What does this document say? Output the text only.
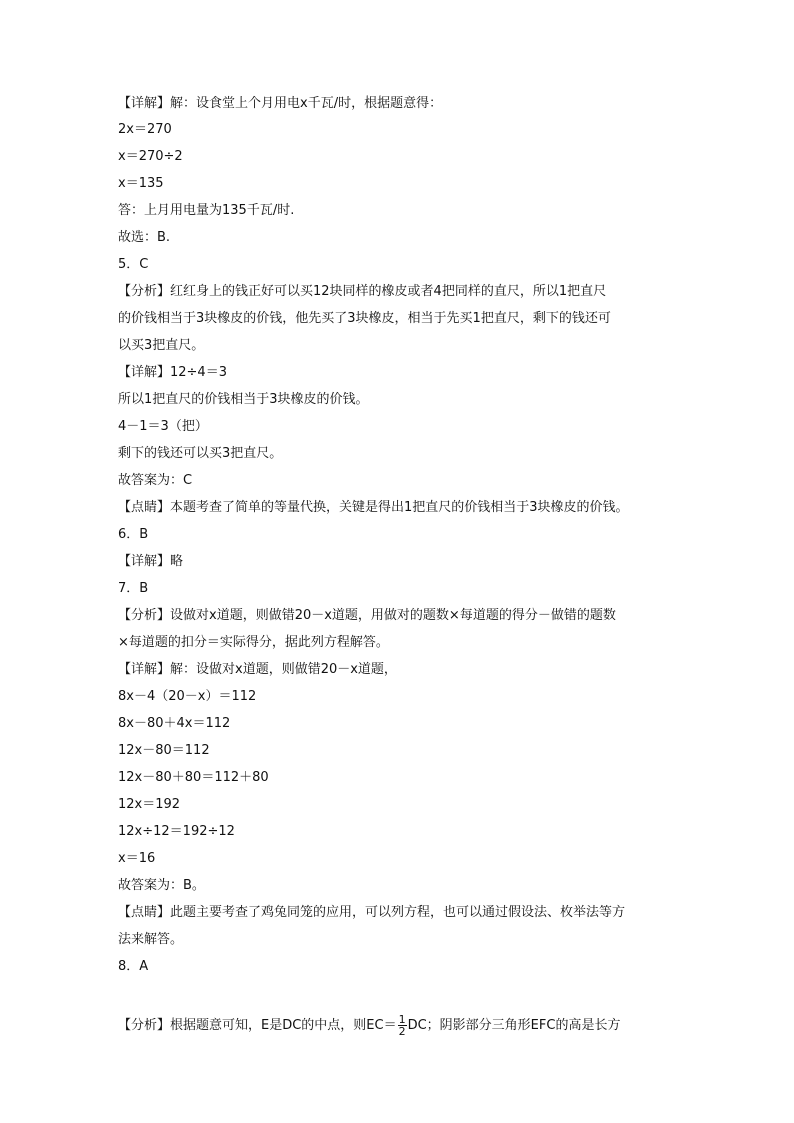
【详解】解：设食堂上个月用电x千瓦/时，根据题意得：
2x＝270
x＝270÷2
x＝135
答：上月用电量为135千瓦/时.
故选：B.
5．C
【分析】红红身上的钱正好可以买12块同样的橡皮或者4把同样的直尺，所以1把直尺
的价钱相当于3块橡皮的价钱，他先买了3块橡皮，相当于先买1把直尺，剩下的钱还可
以买3把直尺。
【详解】12÷4＝3
所以1把直尺的价钱相当于3块橡皮的价钱。
4－1＝3（把）
剩下的钱还可以买3把直尺。
故答案为：C
【点睛】本题考查了简单的等量代换，关键是得出1把直尺的价钱相当于3块橡皮的价钱。
6．B
【详解】略
7．B
【分析】设做对x道题，则做错20－x道题，用做对的题数×每道题的得分－做错的题数
×每道题的扣分＝实际得分，据此列方程解答。
【详解】解：设做对x道题，则做错20－x道题，
8x－4（20－x）＝112
8x－80＋4x＝112
12x－80＝112
12x－80＋80＝112＋80
12x＝192
12x÷12＝192÷12
x＝16
故答案为：B。
【点睛】此题主要考查了鸡兔同笼的应用，可以列方程，也可以通过假设法、枚举法等方
法来解答。
8．A
【分析】根据题意可知，E是DC的中点，则$EC= \frac{1}{2}$ DC；阴影部分三角形EFC的高是长方
